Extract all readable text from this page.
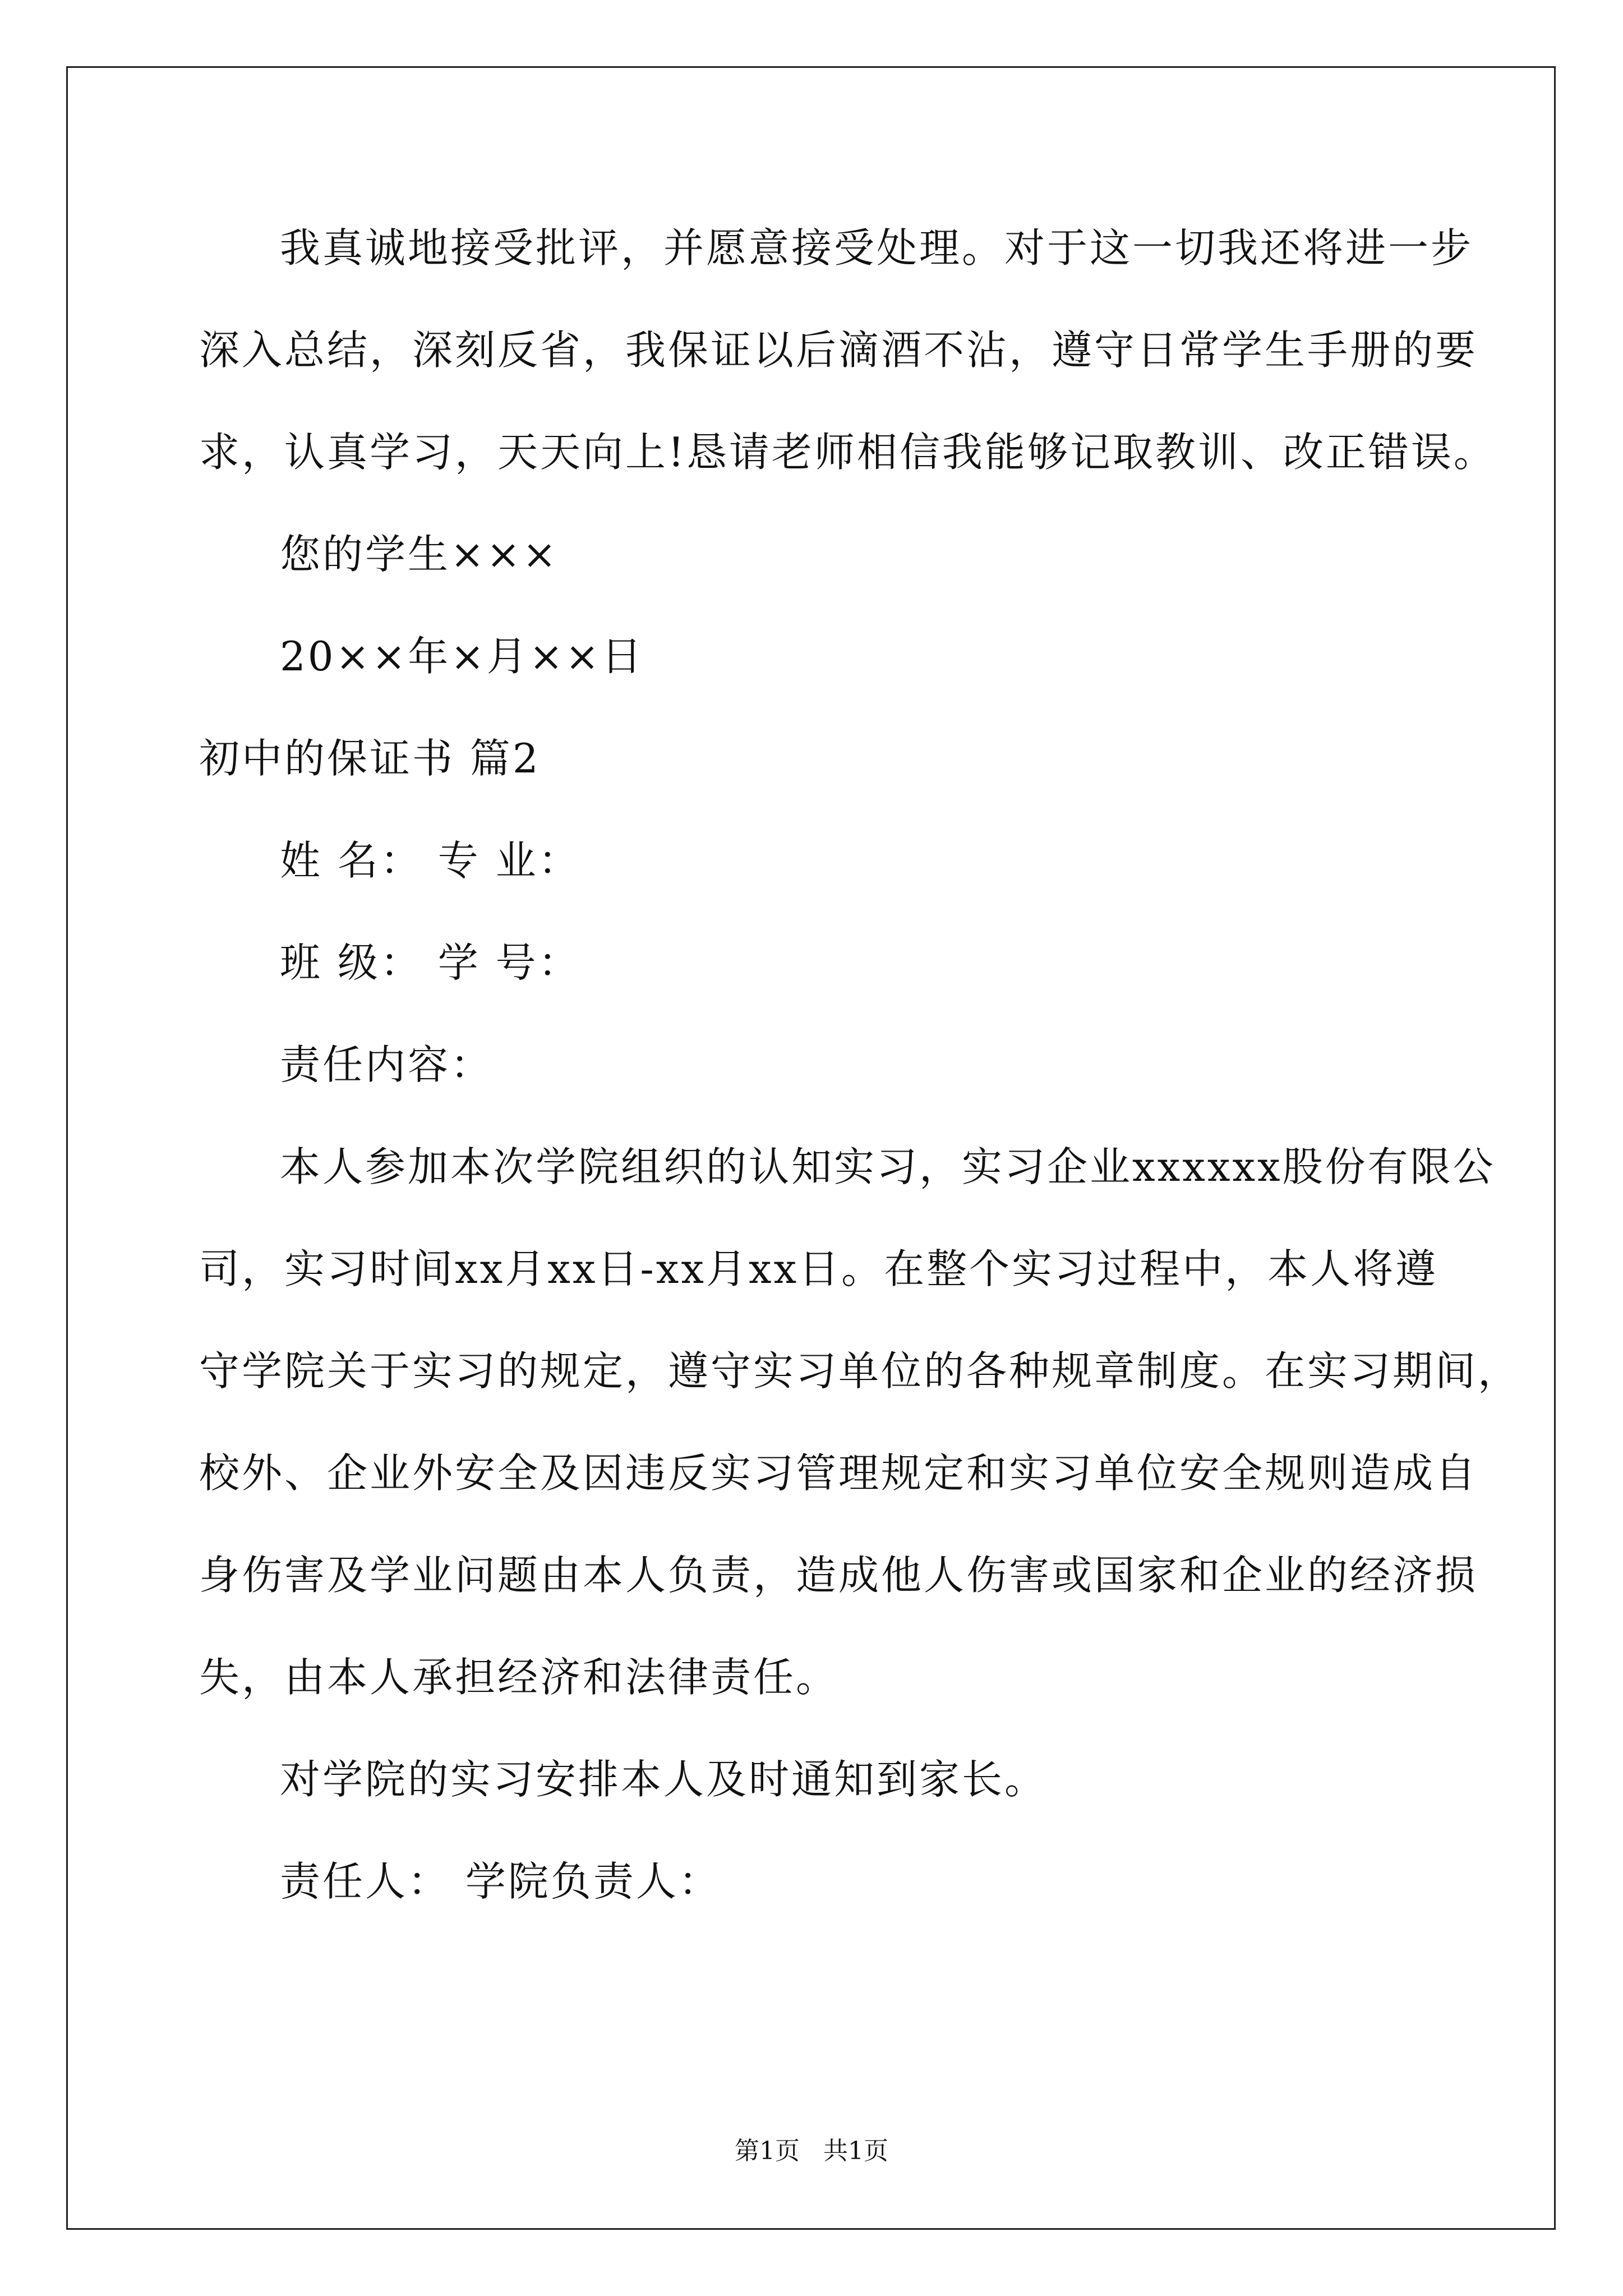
我真诚地接受批评，并愿意接受处理。对于这一切我还将进一步
深入总结，深刻反省，我保证以后滴酒不沾，遵守日常学生手册的要
求，认真学习，天天向上!恳请老师相信我能够记取教训、改正错误。
您的学生×××
20××年×月××日
初中的保证书 篇2
姓 名： 专 业：
班 级： 学 号：
责任内容：
本人参加本次学院组织的认知实习，实习企业xxxxxx股份有限公
司，实习时间xx月xx日-xx月xx日。在整个实习过程中，本人将遵
守学院关于实习的规定，遵守实习单位的各种规章制度。在实习期间，
校外、企业外安全及因违反实习管理规定和实习单位安全规则造成自
身伤害及学业问题由本人负责，造成他人伤害或国家和企业的经济损
失，由本人承担经济和法律责任。
对学院的实习安排本人及时通知到家长。
责任人： 学院负责人：
第1页   共1页
